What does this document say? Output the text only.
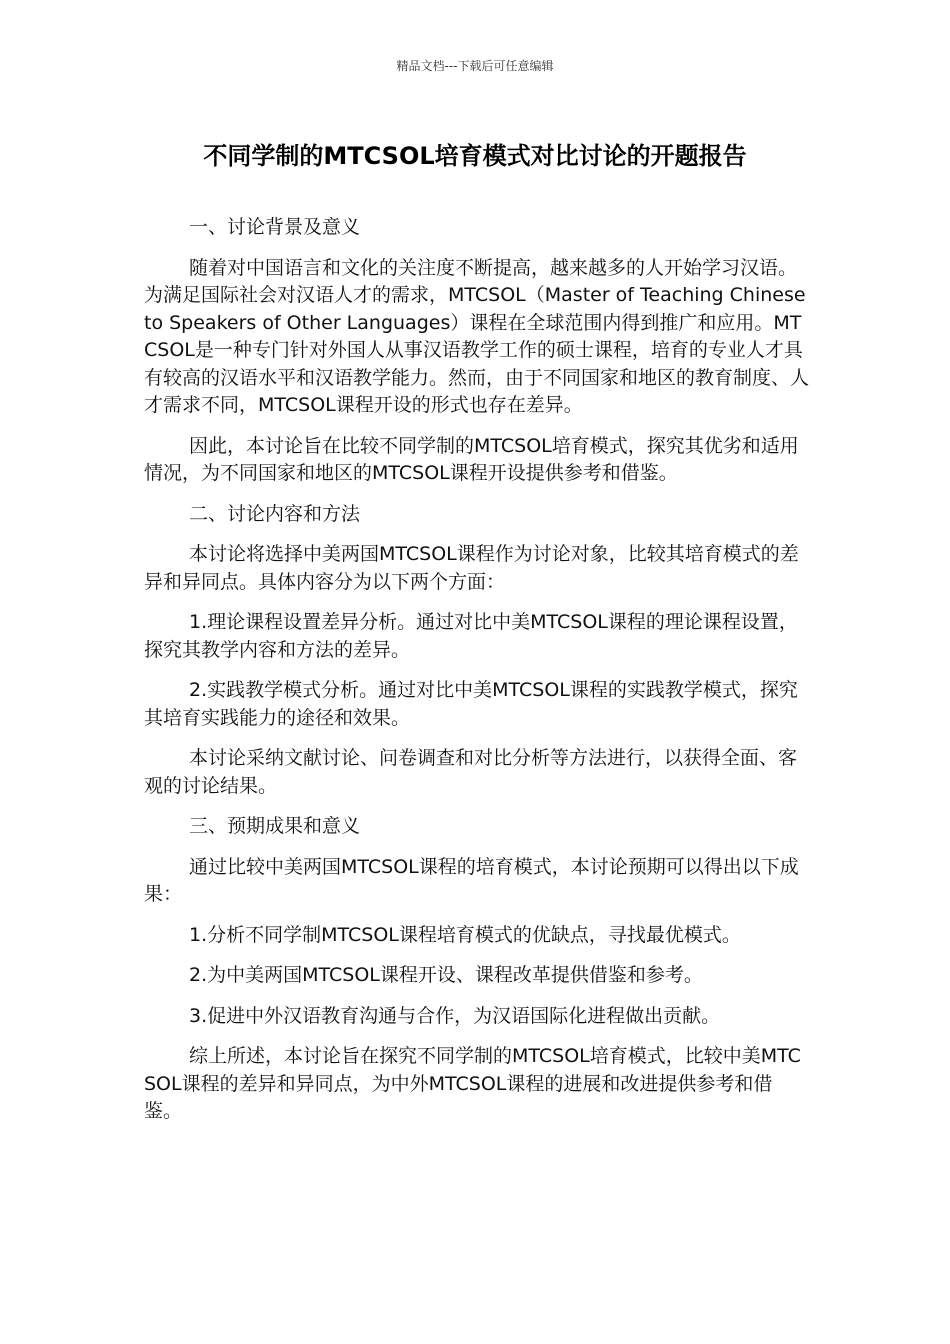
精品文档---下载后可任意编辑
不同学制的MTCSOL培育模式对比讨论的开题报告

一、讨论背景及意义

随着对中国语言和文化的关注度不断提高，越来越多的人开始学习汉语。为满足国际社会对汉语人才的需求，MTCSOL（Master of Teaching Chinese to Speakers of Other Languages）课程在全球范围内得到推广和应用。MTCSOL是一种专门针对外国人从事汉语教学工作的硕士课程，培育的专业人才具有较高的汉语水平和汉语教学能力。然而，由于不同国家和地区的教育制度、人才需求不同，MTCSOL课程开设的形式也存在差异。

因此，本讨论旨在比较不同学制的MTCSOL培育模式，探究其优劣和适用情况，为不同国家和地区的MTCSOL课程开设提供参考和借鉴。

二、讨论内容和方法

本讨论将选择中美两国MTCSOL课程作为讨论对象，比较其培育模式的差异和异同点。具体内容分为以下两个方面：

1.理论课程设置差异分析。通过对比中美MTCSOL课程的理论课程设置，探究其教学内容和方法的差异。

2.实践教学模式分析。通过对比中美MTCSOL课程的实践教学模式，探究其培育实践能力的途径和效果。

本讨论采纳文献讨论、问卷调查和对比分析等方法进行，以获得全面、客观的讨论结果。

三、预期成果和意义

通过比较中美两国MTCSOL课程的培育模式，本讨论预期可以得出以下成果：

1.分析不同学制MTCSOL课程培育模式的优缺点，寻找最优模式。

2.为中美两国MTCSOL课程开设、课程改革提供借鉴和参考。

3.促进中外汉语教育沟通与合作，为汉语国际化进程做出贡献。

综上所述，本讨论旨在探究不同学制的MTCSOL培育模式，比较中美MTCSOL课程的差异和异同点，为中外MTCSOL课程的进展和改进提供参考和借鉴。
